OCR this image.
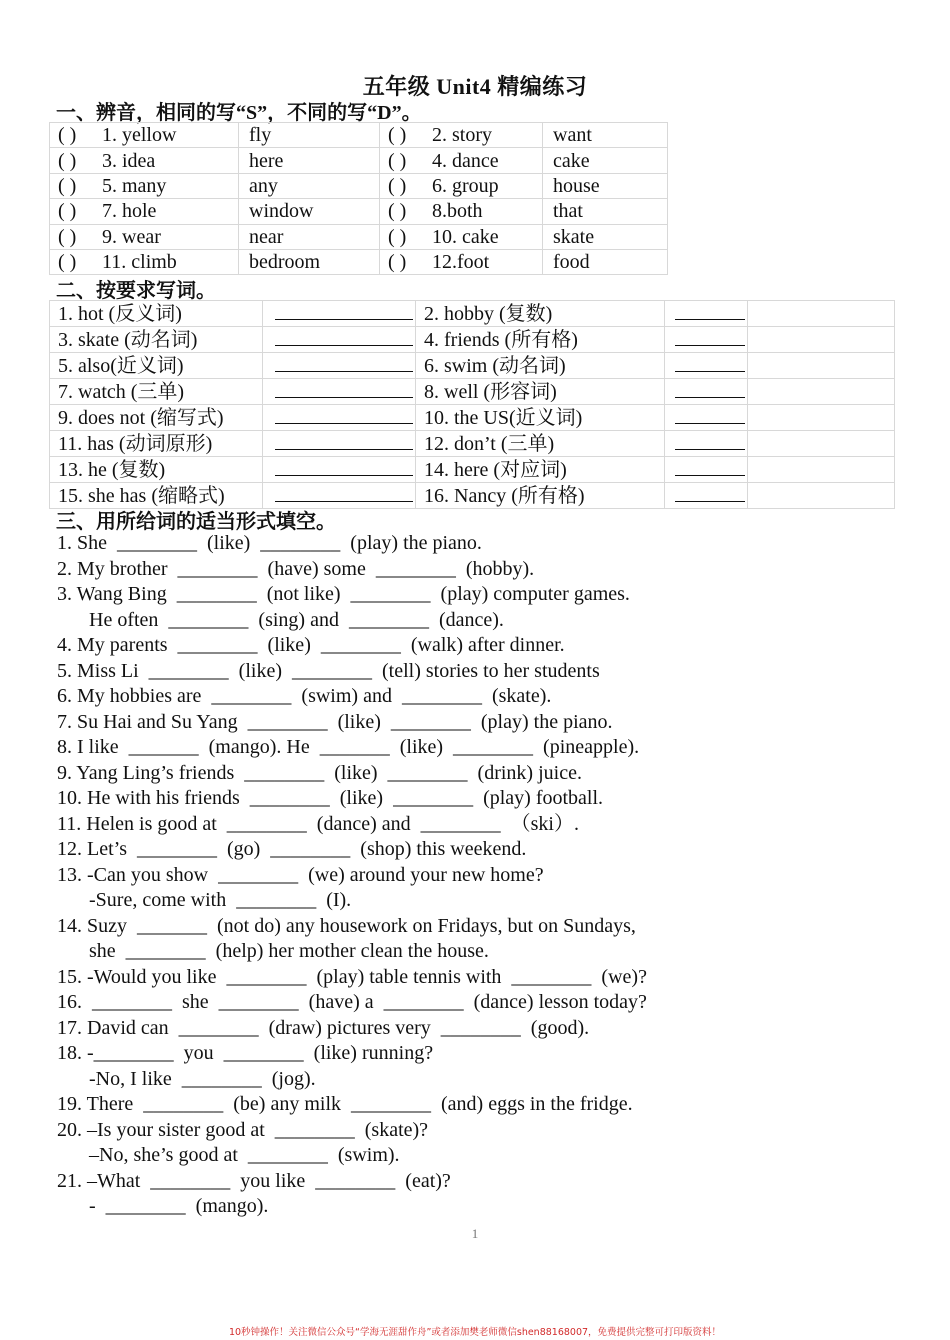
五年级 Unit4 精编练习
一、辨音，相同的写“S”，不同的写“D”。
( ) 1. yellow	fly	( ) 2. story	want
( ) 3. idea	here	( ) 4. dance	cake
( ) 5. many	any	( ) 6. group	house
( ) 7. hole	window	( ) 8.both	that
( ) 9. wear	near	( ) 10. cake	skate
( ) 11. climb	bedroom	( ) 12.foot	food
二、按要求写词。
1. hot (反义词)		2. hobby (复数)		
3. skate (动名词)		4. friends (所有格)		
5. also(近义词)		6. swim (动名词)		
7. watch (三单)		8. well (形容词)		
9. does not (缩写式)		10. the US(近义词)		
11. has (动词原形)		12. don’t (三单)		
13. he (复数)		14. here (对应词)		
15. she has (缩略式)		16. Nancy (所有格)		
三、用所给词的适当形式填空。
1. She  ________  (like)  ________  (play) the piano.
2. My brother  ________  (have) some  ________  (hobby).
3. Wang Bing  ________  (not like)  ________  (play) computer games.
He often  ________  (sing) and  ________  (dance).
4. My parents  ________  (like)  ________  (walk) after dinner.
5. Miss Li  ________  (like)  ________  (tell) stories to her students
6. My hobbies are  ________  (swim) and  ________  (skate).
7. Su Hai and Su Yang  ________  (like)  ________  (play) the piano.
8. I like  _______  (mango). He  _______  (like)  ________  (pineapple).
9. Yang Ling’s friends  ________  (like)  ________  (drink) juice.
10. He with his friends  ________  (like)  ________  (play) football.
11. Helen is good at  ________  (dance) and  ________  （ski）.
12. Let’s  ________  (go)  ________  (shop) this weekend.
13. -Can you show  ________  (we) around your new home?
-Sure, come with  ________  (I).
14. Suzy  _______  (not do) any housework on Fridays, but on Sundays,
she  ________  (help) her mother clean the house.
15. -Would you like  ________  (play) table tennis with  ________  (we)?
16.  ________  she  ________  (have) a  ________  (dance) lesson today?
17. David can  ________  (draw) pictures very  ________  (good).
18. -________  you  ________  (like) running?
-No, I like  ________  (jog).
19. There  ________  (be) any milk  ________  (and) eggs in the fridge.
20. –Is your sister good at  ________  (skate)?
–No, she’s good at  ________  (swim).
21. –What  ________  you like  ________  (eat)?
-  ________  (mango).
1
10秒钟操作！关注微信公众号“学海无涯甜作舟”或者添加樊老师微信shen88168007，免费提供完整可打印版资料！
